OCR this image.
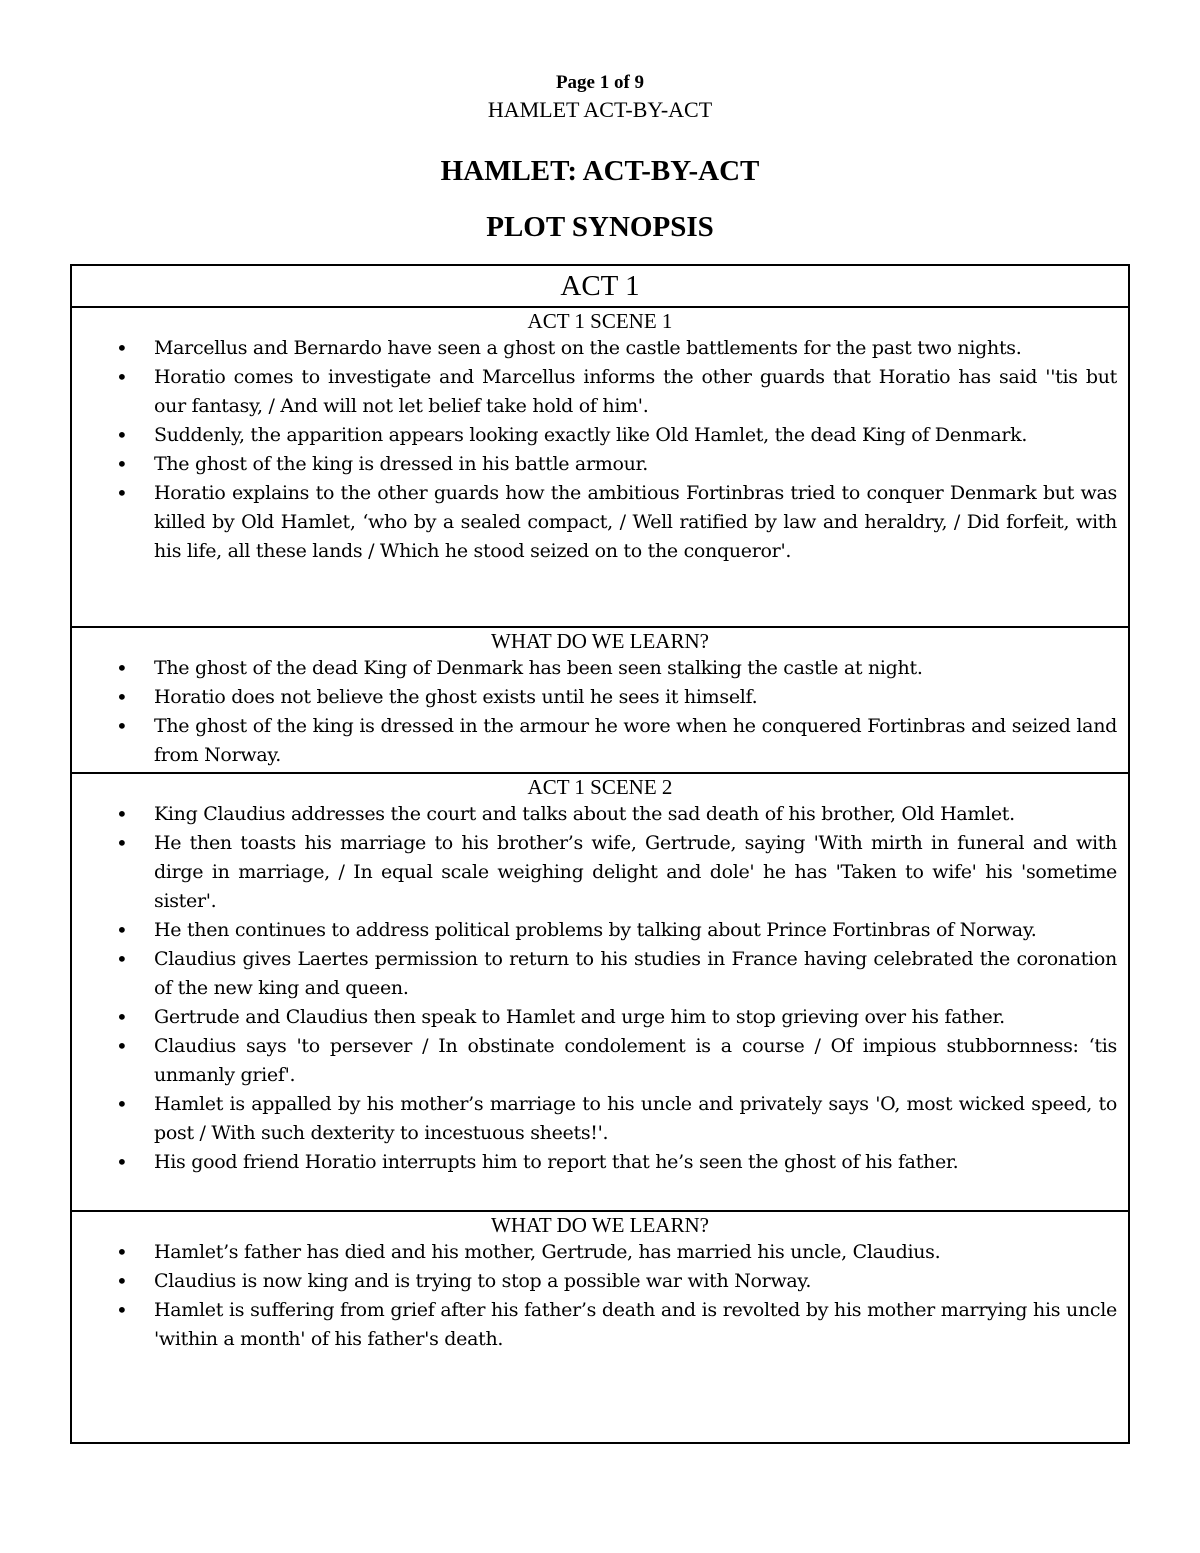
Page 1 of 9
HAMLET ACT-BY-ACT
HAMLET: ACT-BY-ACT
PLOT SYNOPSIS
ACT 1
ACT 1 SCENE 1
• Marcellus and Bernardo have seen a ghost on the castle battlements for the past two nights.
• Horatio comes to investigate and Marcellus informs the other guards that Horatio has said ''tis but our fantasy, / And will not let belief take hold of him'.
• Suddenly, the apparition appears looking exactly like Old Hamlet, the dead King of Denmark.
• The ghost of the king is dressed in his battle armour.
• Horatio explains to the other guards how the ambitious Fortinbras tried to conquer Denmark but was killed by Old Hamlet, ‘who by a sealed compact, / Well ratified by law and heraldry, / Did forfeit, with his life, all these lands / Which he stood seized on to the conqueror'.
WHAT DO WE LEARN?
• The ghost of the dead King of Denmark has been seen stalking the castle at night.
• Horatio does not believe the ghost exists until he sees it himself.
• The ghost of the king is dressed in the armour he wore when he conquered Fortinbras and seized land from Norway.
ACT 1 SCENE 2
• King Claudius addresses the court and talks about the sad death of his brother, Old Hamlet.
• He then toasts his marriage to his brother’s wife, Gertrude, saying 'With mirth in funeral and with dirge in marriage, / In equal scale weighing delight and dole' he has 'Taken to wife' his 'sometime sister'.
• He then continues to address political problems by talking about Prince Fortinbras of Norway.
• Claudius gives Laertes permission to return to his studies in France having celebrated the coronation of the new king and queen.
• Gertrude and Claudius then speak to Hamlet and urge him to stop grieving over his father.
• Claudius says 'to persever / In obstinate condolement is a course / Of impious stubbornness: ‘tis unmanly grief'.
• Hamlet is appalled by his mother’s marriage to his uncle and privately says 'O, most wicked speed, to post / With such dexterity to incestuous sheets!'.
• His good friend Horatio interrupts him to report that he’s seen the ghost of his father.
WHAT DO WE LEARN?
• Hamlet’s father has died and his mother, Gertrude, has married his uncle, Claudius.
• Claudius is now king and is trying to stop a possible war with Norway.
• Hamlet is suffering from grief after his father’s death and is revolted by his mother marrying his uncle 'within a month' of his father's death.
